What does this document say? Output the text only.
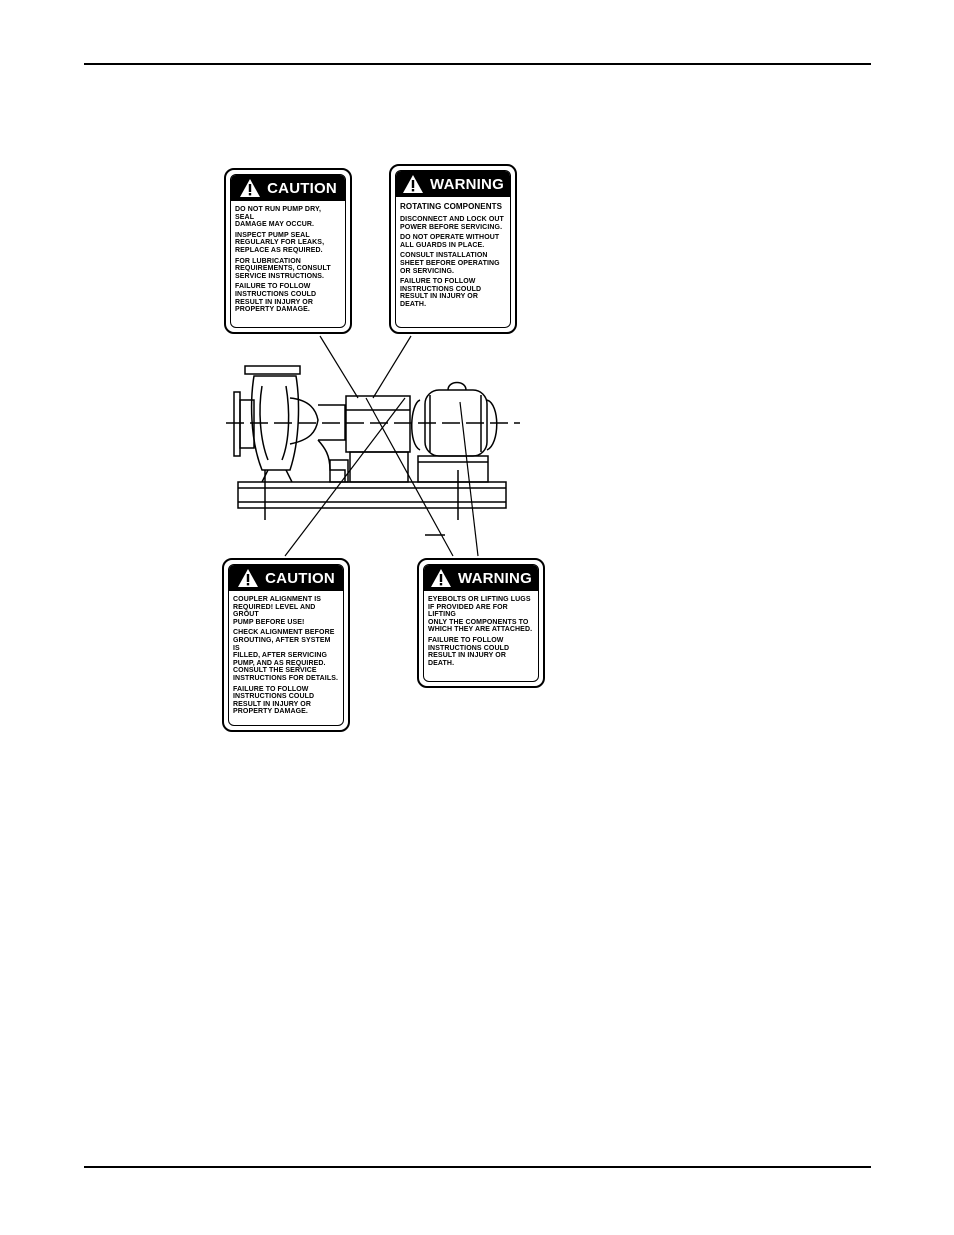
CAUTION

DO NOT RUN PUMP DRY, SEAL
DAMAGE MAY OCCUR.

INSPECT PUMP SEAL
REGULARLY FOR LEAKS,
REPLACE AS REQUIRED.

FOR LUBRICATION
REQUIREMENTS, CONSULT
SERVICE INSTRUCTIONS.

FAILURE TO FOLLOW
INSTRUCTIONS COULD
RESULT IN INJURY OR
PROPERTY DAMAGE.

WARNING

ROTATING COMPONENTS

DISCONNECT AND LOCK OUT
POWER BEFORE SERVICING.

DO NOT OPERATE WITHOUT
ALL GUARDS IN PLACE.

CONSULT INSTALLATION
SHEET BEFORE OPERATING
OR SERVICING.

FAILURE TO FOLLOW
INSTRUCTIONS COULD
RESULT IN INJURY OR DEATH.

CAUTION

COUPLER ALIGNMENT IS
REQUIRED! LEVEL AND GROUT
PUMP BEFORE USE!

CHECK ALIGNMENT BEFORE
GROUTING, AFTER SYSTEM IS
FILLED, AFTER SERVICING
PUMP, AND AS REQUIRED.
CONSULT THE SERVICE
INSTRUCTIONS FOR DETAILS.

FAILURE TO FOLLOW
INSTRUCTIONS COULD
RESULT IN INJURY OR
PROPERTY DAMAGE.

WARNING

EYEBOLTS OR LIFTING LUGS
IF PROVIDED ARE FOR LIFTING
ONLY THE COMPONENTS TO
WHICH THEY ARE ATTACHED.

FAILURE TO FOLLOW
INSTRUCTIONS COULD
RESULT IN INJURY OR DEATH.
